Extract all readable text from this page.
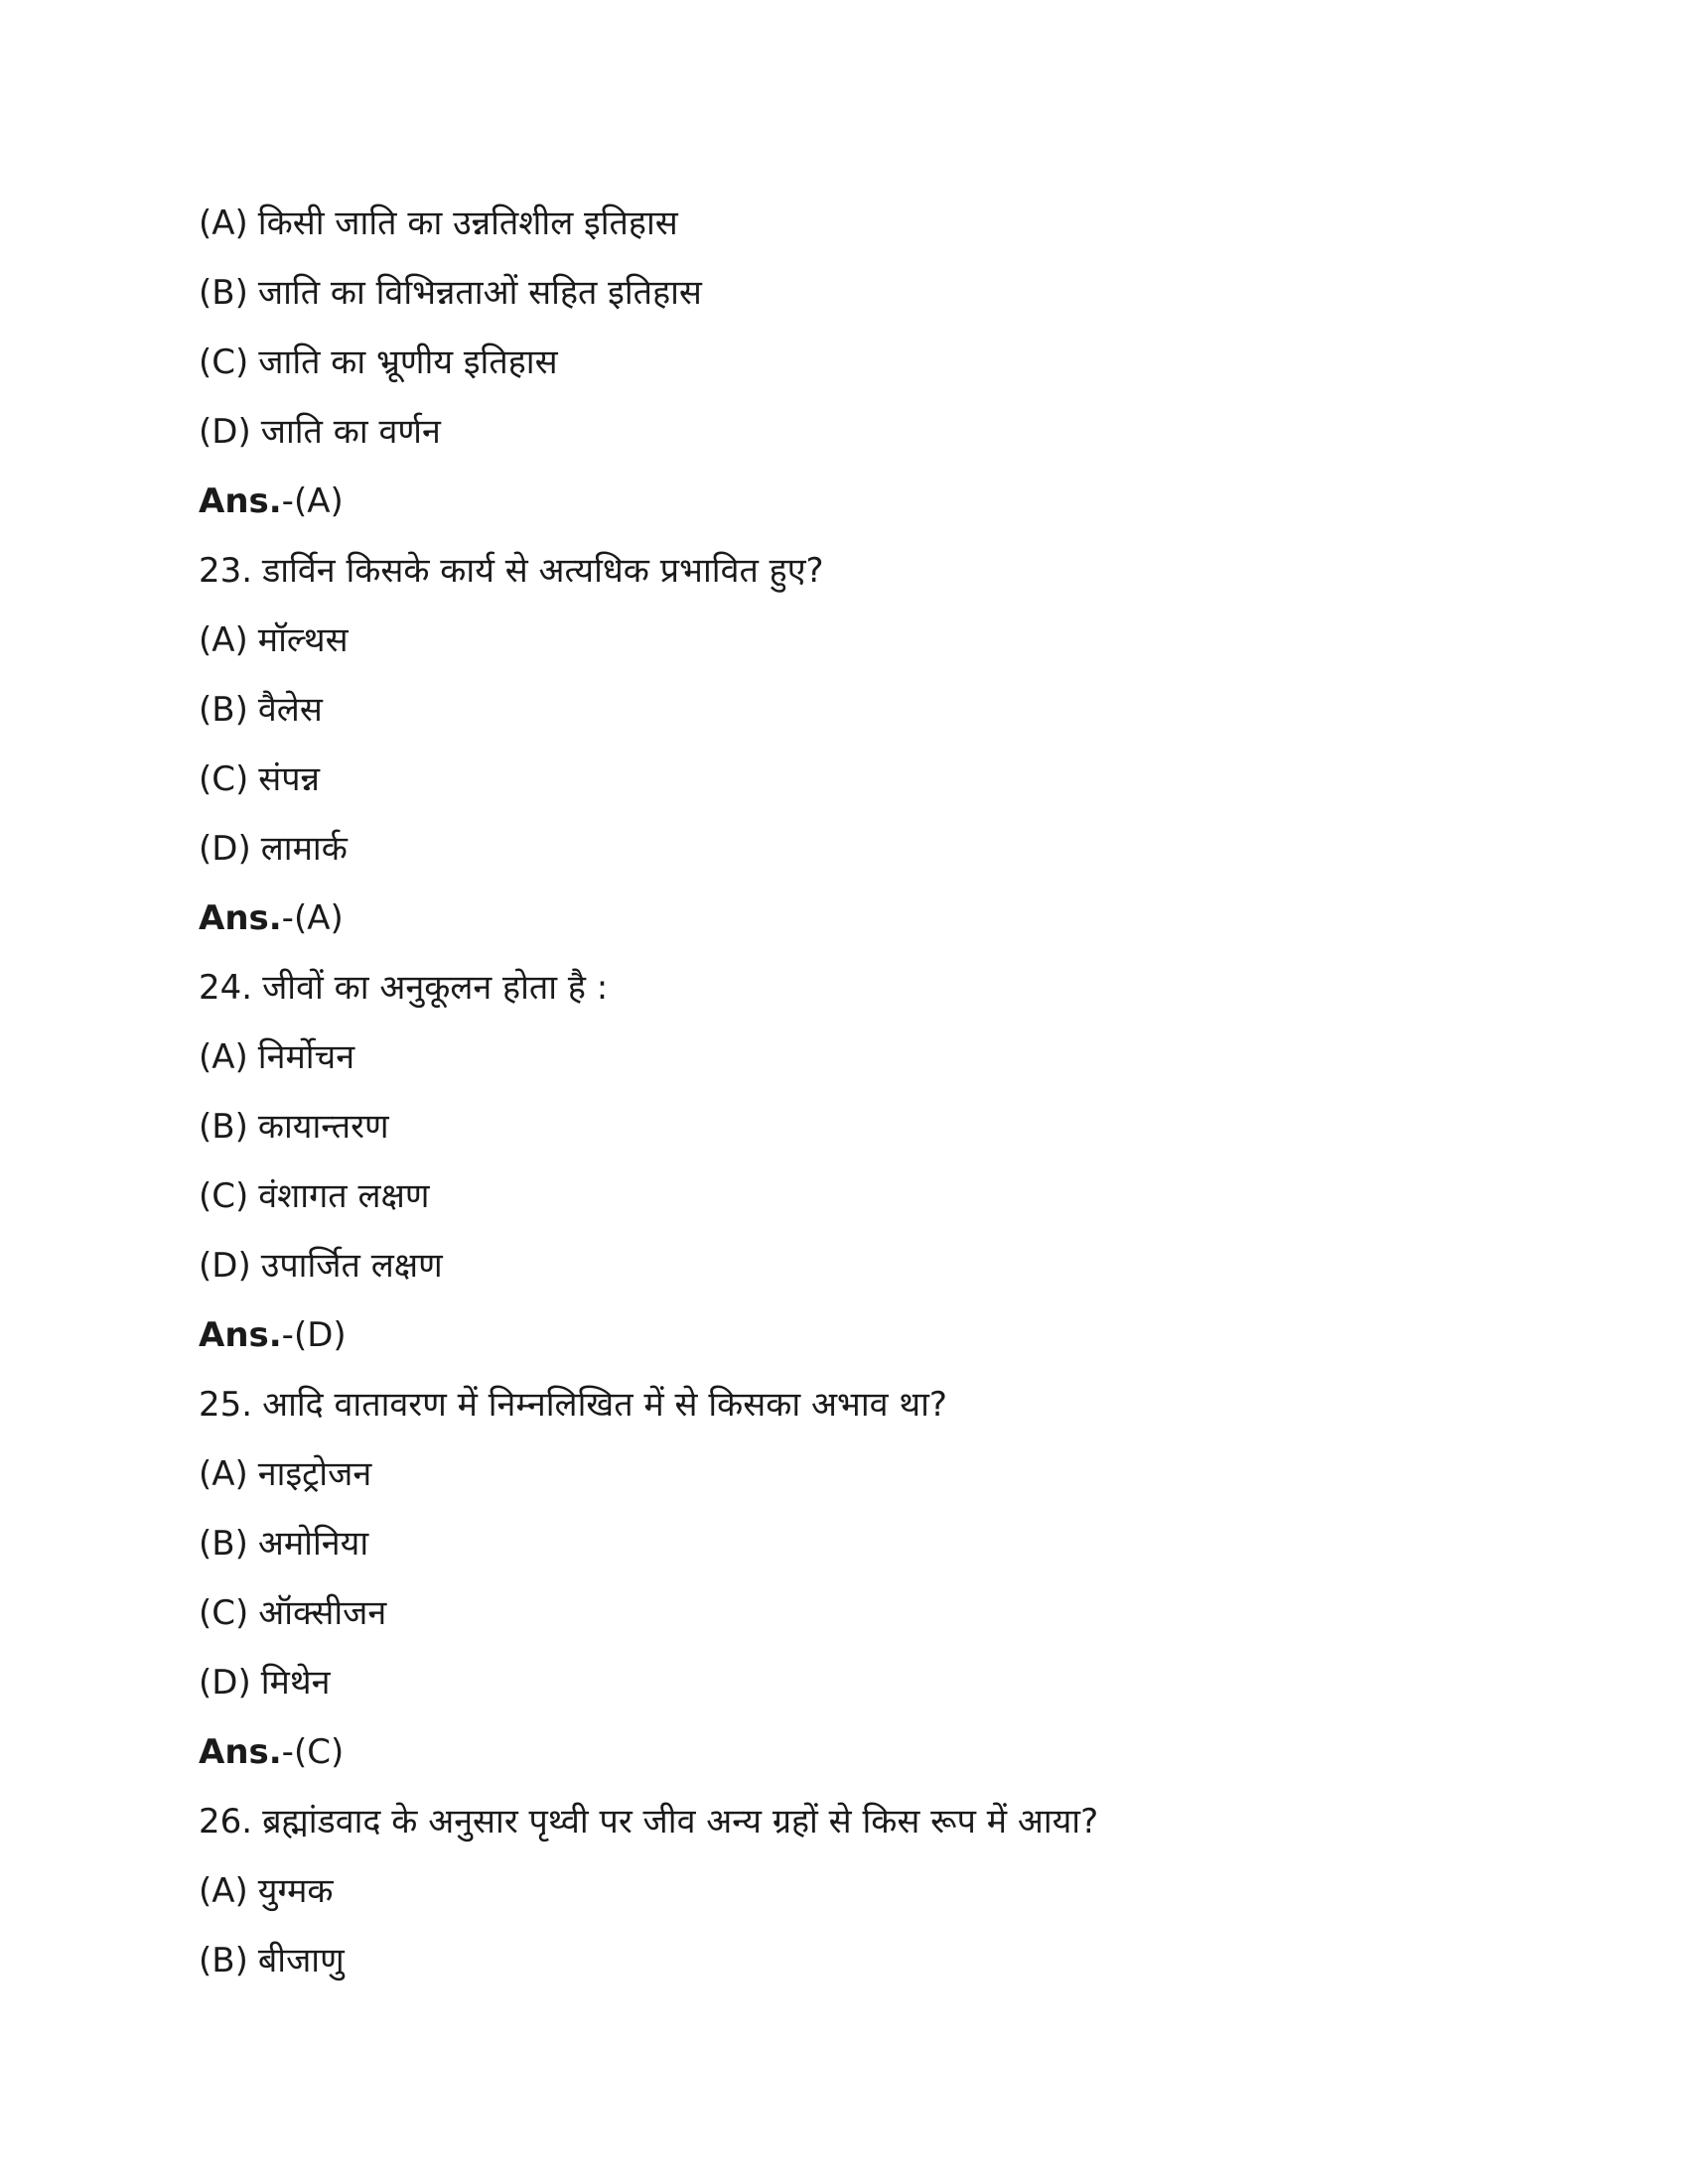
(A) किसी जाति का उन्नतिशील इतिहास
(B) जाति का विभिन्नताओं सहित इतिहास
(C) जाति का भ्रूणीय इतिहास
(D) जाति का वर्णन
Ans. -(A)
23. डार्विन किसके कार्य से अत्यधिक प्रभावित हुए?
(A) मॉल्थस
(B) वैलेस
(C) संपन्न
(D) लामार्क
Ans. -(A)
24. जीवों का अनुकूलन होता है :
(A) निर्मोचन
(B) कायान्तरण
(C) वंशागत लक्षण
(D) उपार्जित लक्षण
Ans. -(D)
25. आदि वातावरण में निम्नलिखित में से किसका अभाव था?
(A) नाइट्रोजन
(B) अमोनिया
(C) ऑक्सीजन
(D) मिथेन
Ans. -(C)
26. ब्रह्मांडवाद के अनुसार पृथ्वी पर जीव अन्य ग्रहों से किस रूप में आया?
(A) युग्मक
(B) बीजाणु
